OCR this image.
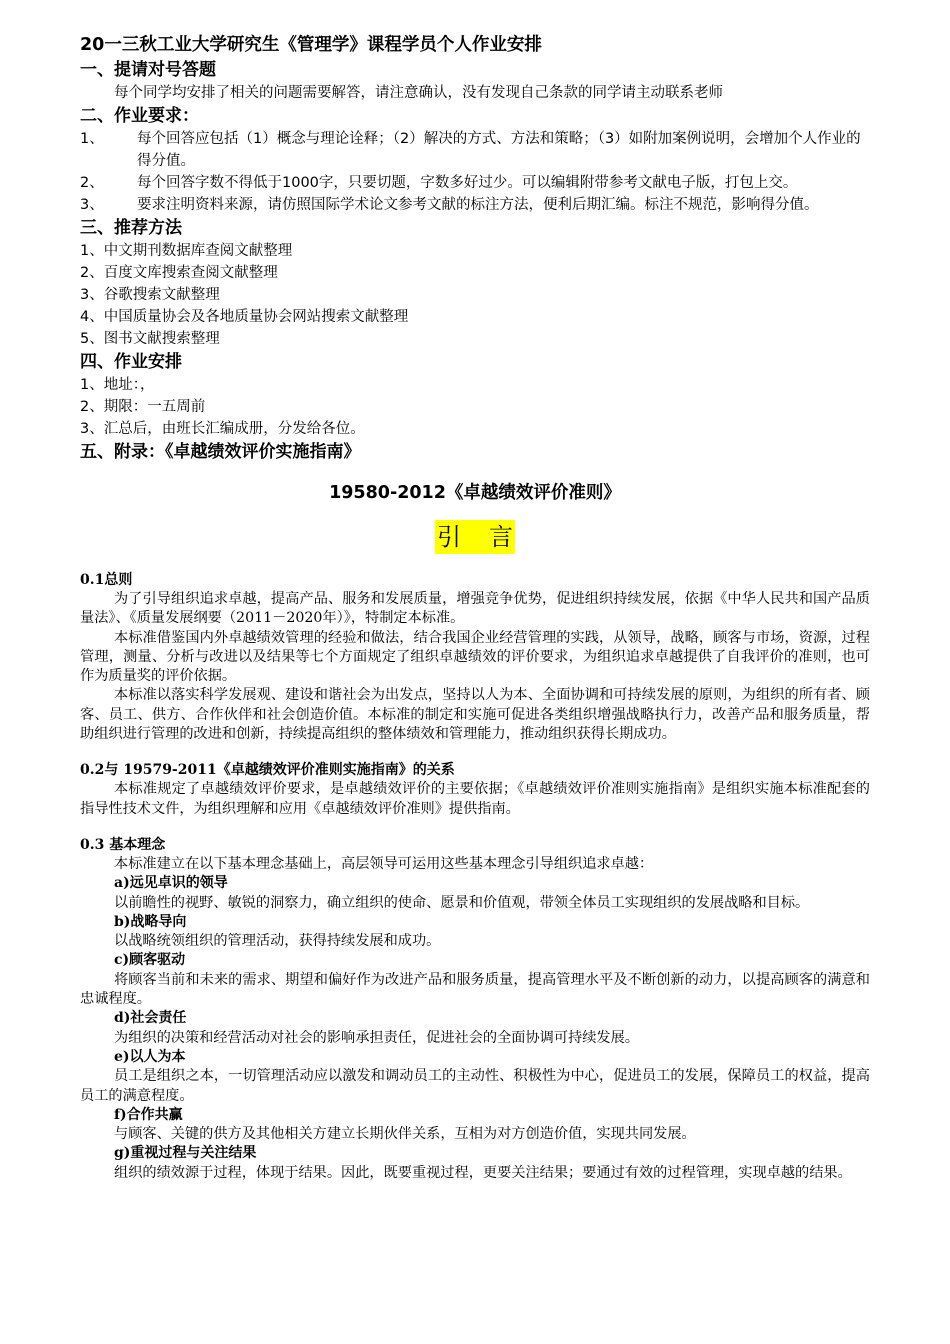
20一三秋工业大学研究生《管理学》课程学员个人作业安排
一、提请对号答题
每个同学均安排了相关的问题需要解答，请注意确认，没有发现自己条款的同学请主动联系老师
二、作业要求：
1、	每个回答应包括（1）概念与理论诠释；（2）解决的方式、方法和策略；（3）如附加案例说明，会增加个人作业的得分值。
2、	每个回答字数不得低于1000字，只要切题，字数多好过少。可以编辑附带参考文献电子版，打包上交。
3、	要求注明资料来源，请仿照国际学术论文参考文献的标注方法，便利后期汇编。标注不规范，影响得分值。
三、推荐方法
1、中文期刊数据库查阅文献整理
2、百度文库搜索查阅文献整理
3、谷歌搜索文献整理
4、中国质量协会及各地质量协会网站搜索文献整理
5、图书文献搜索整理
四、作业安排
1、地址：，
2、期限：一五周前
3、汇总后，由班长汇编成册，分发给各位。
五、附录：《卓越绩效评价实施指南》
19580-2012《卓越绩效评价准则》
引言
0.1总则
为了引导组织追求卓越，提高产品、服务和发展质量，增强竞争优势，促进组织持续发展，依据《中华人民共和国产品质量法》、《质量发展纲要（2011－2020年）》，特制定本标准。
本标准借鉴国内外卓越绩效管理的经验和做法，结合我国企业经营管理的实践，从领导，战略，顾客与市场，资源，过程管理，测量、分析与改进以及结果等七个方面规定了组织卓越绩效的评价要求，为组织追求卓越提供了自我评价的准则，也可作为质量奖的评价依据。
本标准以落实科学发展观、建设和谐社会为出发点，坚持以人为本、全面协调和可持续发展的原则，为组织的所有者、顾客、员工、供方、合作伙伴和社会创造价值。本标准的制定和实施可促进各类组织增强战略执行力，改善产品和服务质量，帮助组织进行管理的改进和创新，持续提高组织的整体绩效和管理能力，推动组织获得长期成功。
0.2与 19579-2011《卓越绩效评价准则实施指南》的关系
本标准规定了卓越绩效评价要求，是卓越绩效评价的主要依据；《卓越绩效评价准则实施指南》是组织实施本标准配套的指导性技术文件，为组织理解和应用《卓越绩效评价准则》提供指南。
0.3 基本理念
本标准建立在以下基本理念基础上，高层领导可运用这些基本理念引导组织追求卓越：
a)远见卓识的领导
以前瞻性的视野、敏锐的洞察力，确立组织的使命、愿景和价值观，带领全体员工实现组织的发展战略和目标。
b)战略导向
以战略统领组织的管理活动，获得持续发展和成功。
c)顾客驱动
将顾客当前和未来的需求、期望和偏好作为改进产品和服务质量，提高管理水平及不断创新的动力，以提高顾客的满意和忠诚程度。
d)社会责任
为组织的决策和经营活动对社会的影响承担责任，促进社会的全面协调可持续发展。
e)以人为本
员工是组织之本，一切管理活动应以激发和调动员工的主动性、积极性为中心，促进员工的发展，保障员工的权益，提高员工的满意程度。
f)合作共赢
与顾客、关键的供方及其他相关方建立长期伙伴关系，互相为对方创造价值，实现共同发展。
g)重视过程与关注结果
组织的绩效源于过程，体现于结果。因此，既要重视过程，更要关注结果；要通过有效的过程管理，实现卓越的结果。
